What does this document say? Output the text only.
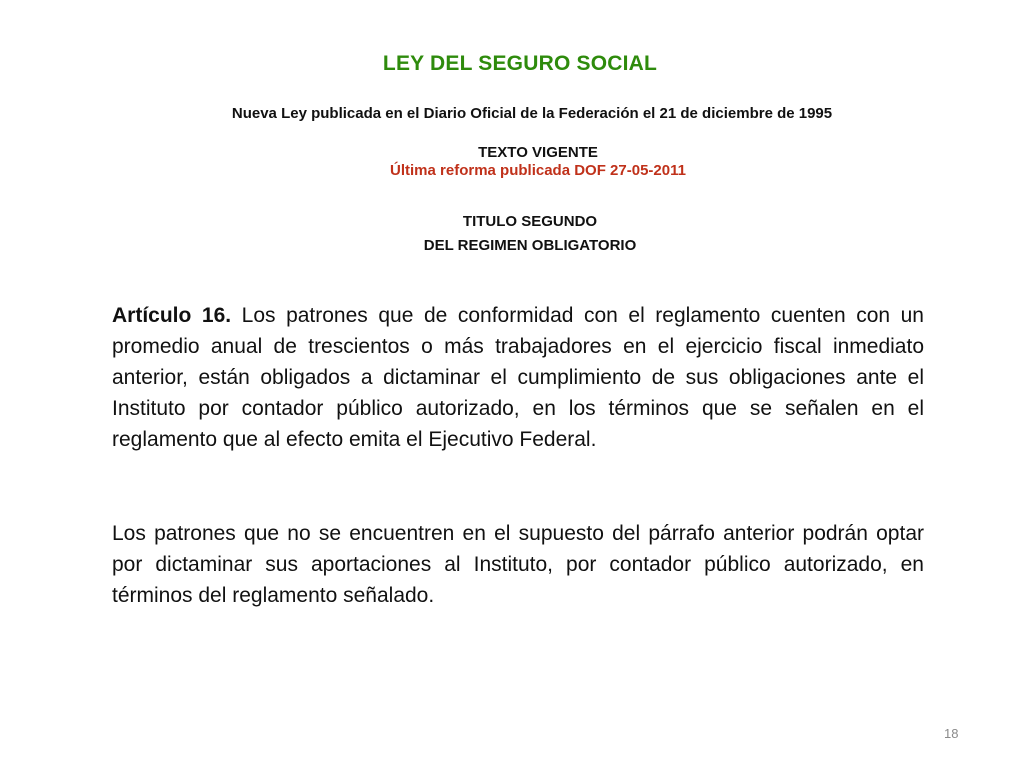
LEY DEL SEGURO SOCIAL
Nueva Ley publicada en el Diario Oficial de la Federación el 21 de diciembre de 1995
TEXTO VIGENTE
Última reforma publicada DOF 27-05-2011
TITULO SEGUNDO
DEL REGIMEN OBLIGATORIO
Artículo 16. Los patrones que de conformidad con el reglamento cuenten con un promedio anual de trescientos o más trabajadores en el ejercicio fiscal inmediato anterior, están obligados a dictaminar el cumplimiento de sus obligaciones ante el Instituto por contador público autorizado, en los términos que se señalen en el reglamento que al efecto emita el Ejecutivo Federal.
Los patrones que no se encuentren en el supuesto del párrafo anterior podrán optar por dictaminar sus aportaciones al Instituto, por contador público autorizado, en términos del reglamento señalado.
18
